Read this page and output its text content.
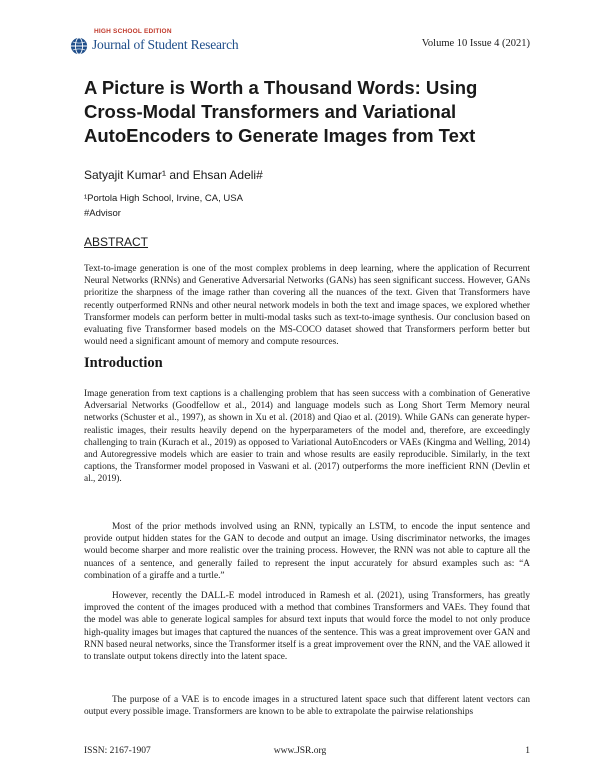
HIGH SCHOOL EDITION
Journal of Student Research	Volume 10 Issue 4 (2021)
A Picture is Worth a Thousand Words: Using
Cross-Modal Transformers and Variational
AutoEncoders to Generate Images from Text
Satyajit Kumar¹ and Ehsan Adeli#
¹Portola High School, Irvine, CA, USA
#Advisor
ABSTRACT

Text-to-image generation is one of the most complex problems in deep learning, where the application of Recurrent Neural Networks (RNNs) and Generative Adversarial Networks (GANs) has seen significant success. However, GANs prioritize the sharpness of the image rather than covering all the nuances of the text. Given that Transformers have recently outperformed RNNs and other neural network models in both the text and image spaces, we explored whether Transformer models can perform better in multi-modal tasks such as text-to-image synthesis. Our conclusion based on evaluating five Transformer based models on the MS-COCO dataset showed that Transformers perform better but would need a significant amount of memory and compute resources.

Introduction

Image generation from text captions is a challenging problem that has seen success with a combination of Generative Adversarial Networks (Goodfellow et al., 2014) and language models such as Long Short Term Memory neural networks (Schuster et al., 1997), as shown in Xu et al. (2018) and Qiao et al. (2019). While GANs can generate hyper-realistic images, their results heavily depend on the hyperparameters of the model and, therefore, are exceedingly challenging to train (Kurach et al., 2019) as opposed to Variational AutoEncoders or VAEs (Kingma and Welling, 2014) and Autoregressive models which are easier to train and whose results are easily reproducible. Similarly, in the text captions, the Transformer model proposed in Vaswani et al. (2017) outperforms the more inefficient RNN (Devlin et al., 2019).

Most of the prior methods involved using an RNN, typically an LSTM, to encode the input sentence and provide output hidden states for the GAN to decode and output an image. Using discriminator networks, the images would become sharper and more realistic over the training process. However, the RNN was not able to capture all the nuances of a sentence, and generally failed to represent the input accurately for absurd examples such as: “A combination of a giraffe and a turtle.”

However, recently the DALL-E model introduced in Ramesh et al. (2021), using Transformers, has greatly improved the content of the images produced with a method that combines Transformers and VAEs. They found that the model was able to generate logical samples for absurd text inputs that would force the model to not only produce high-quality images but images that captured the nuances of the sentence. This was a great improvement over GAN and RNN based neural networks, since the Transformer itself is a great improvement over the RNN, and the VAE allowed it to translate output tokens directly into the latent space.

The purpose of a VAE is to encode images in a structured latent space such that different latent vectors can output every possible image. Transformers are known to be able to extrapolate the pairwise relationships

ISSN: 2167-1907	www.JSR.org	1
